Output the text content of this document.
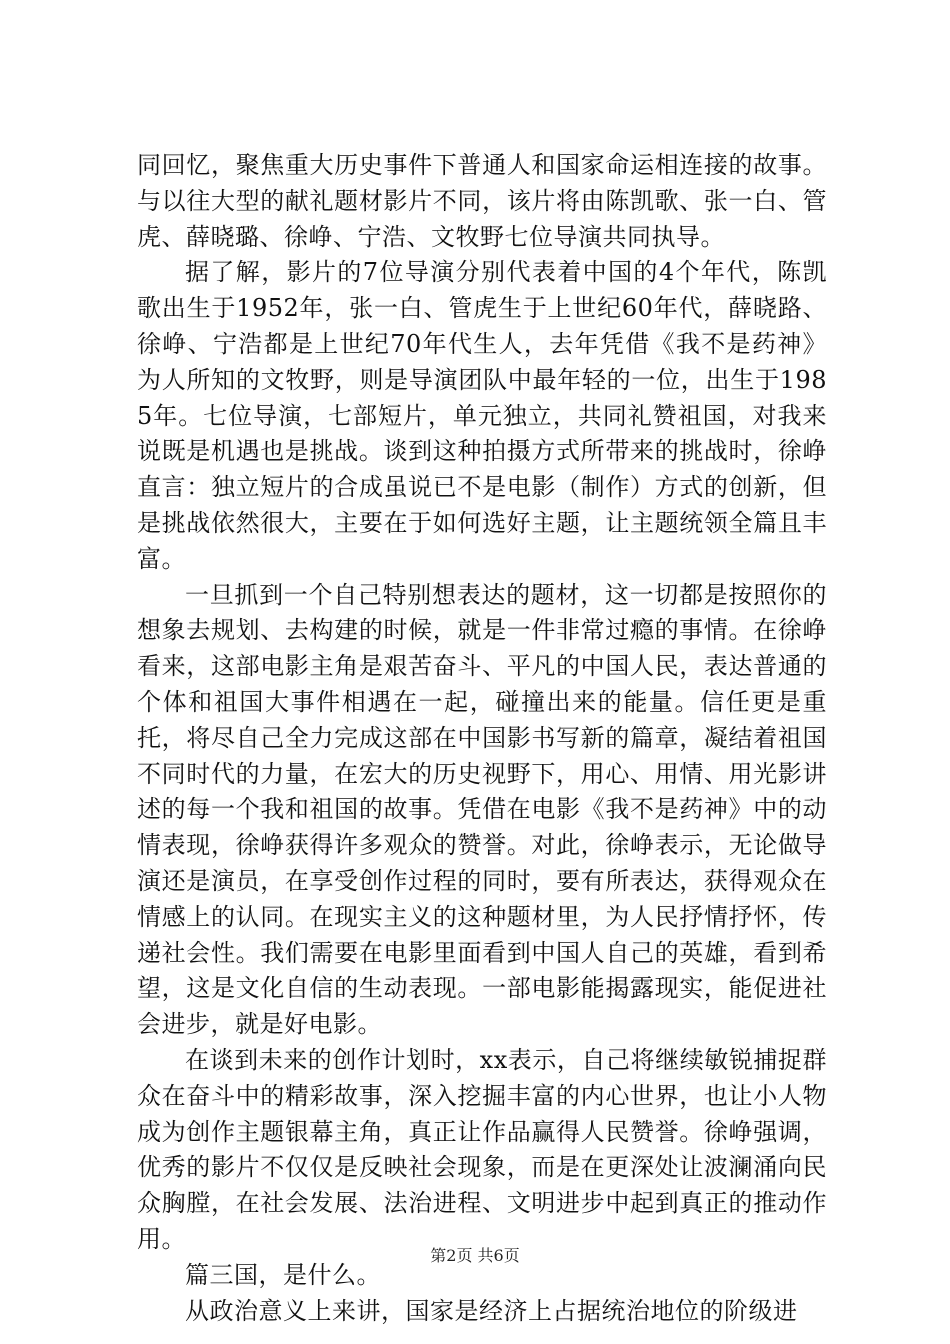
同回忆，聚焦重大历史事件下普通人和国家命运相连接的故事。与以往大型的献礼题材影片不同，该片将由陈凯歌、张一白、管虎、薛晓璐、徐峥、宁浩、文牧野七位导演共同执导。

据了解，影片的7位导演分别代表着中国的4个年代，陈凯歌出生于1952年，张一白、管虎生于上世纪60年代，薛晓路、徐峥、宁浩都是上世纪70年代生人，去年凭借《我不是药神》为人所知的文牧野，则是导演团队中最年轻的一位，出生于1985年。七位导演，七部短片，单元独立，共同礼赞祖国，对我来说既是机遇也是挑战。谈到这种拍摄方式所带来的挑战时，徐峥直言：独立短片的合成虽说已不是电影（制作）方式的创新，但是挑战依然很大，主要在于如何选好主题，让主题统领全篇且丰富。

一旦抓到一个自己特别想表达的题材，这一切都是按照你的想象去规划、去构建的时候，就是一件非常过瘾的事情。在徐峥看来，这部电影主角是艰苦奋斗、平凡的中国人民，表达普通的个体和祖国大事件相遇在一起，碰撞出来的能量。信任更是重托，将尽自己全力完成这部在中国影书写新的篇章，凝结着祖国不同时代的力量，在宏大的历史视野下，用心、用情、用光影讲述的每一个我和祖国的故事。凭借在电影《我不是药神》中的动情表现，徐峥获得许多观众的赞誉。对此，徐峥表示，无论做导演还是演员，在享受创作过程的同时，要有所表达，获得观众在情感上的认同。在现实主义的这种题材里，为人民抒情抒怀，传递社会性。我们需要在电影里面看到中国人自己的英雄，看到希望，这是文化自信的生动表现。一部电影能揭露现实，能促进社会进步，就是好电影。

在谈到未来的创作计划时，xx表示，自己将继续敏锐捕捉群众在奋斗中的精彩故事，深入挖掘丰富的内心世界，也让小人物成为创作主题银幕主角，真正让作品赢得人民赞誉。徐峥强调，优秀的影片不仅仅是反映社会现象，而是在更深处让波澜涌向民众胸膛，在社会发展、法治进程、文明进步中起到真正的推动作用。

篇三国，是什么。

从政治意义上来讲，国家是经济上占据统治地位的阶级进

第2页 共6页
